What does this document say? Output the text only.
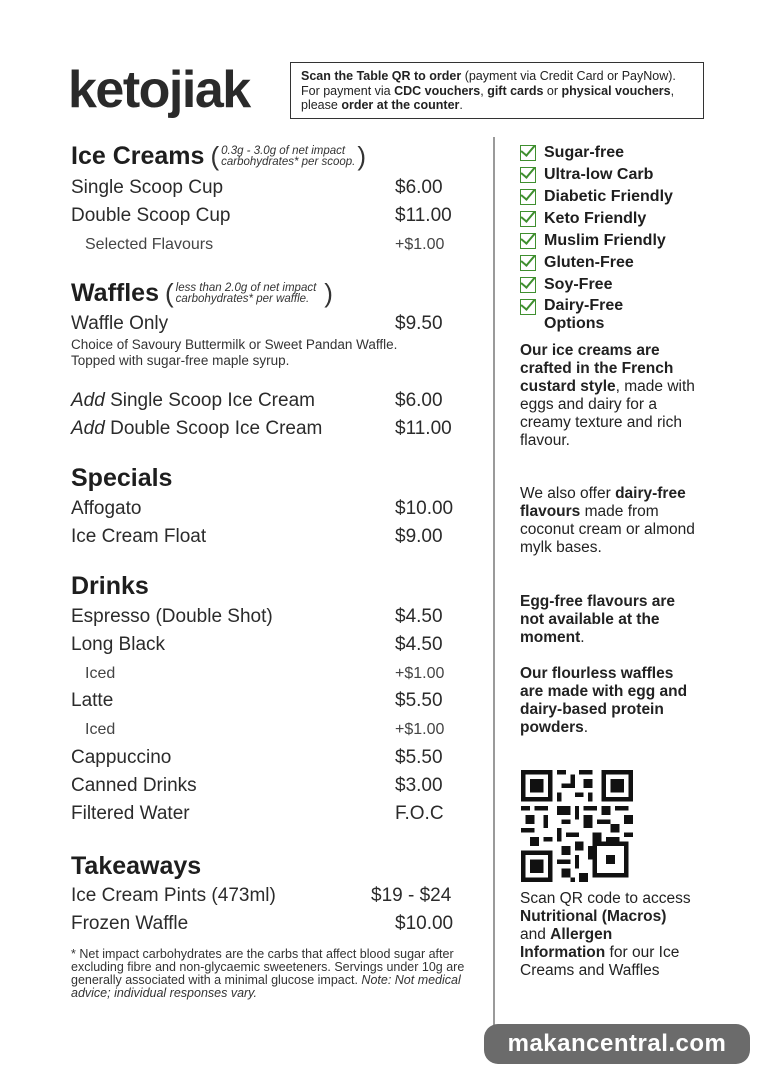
ketojiak	Scan the Table QR to order (payment via Credit Card or PayNow). For payment via CDC vouchers, gift cards or physical vouchers, please order at the counter.
Ice Creams ( 0.3g - 3.0g of net impact
carbohydrates* per scoop. )
Single Scoop Cup	$6.00
Double Scoop Cup	$11.00
Selected Flavours	+$1.00
Waffles ( less than 2.0g of net impact
carbohydrates* per waffle. )
Waffle Only	$9.50
Choice of Savoury Buttermilk or Sweet Pandan Waffle. Topped with sugar-free maple syrup.
Add Single Scoop Ice Cream	$6.00
Add Double Scoop Ice Cream	$11.00
Specials
Affogato	$10.00
Ice Cream Float	$9.00
Drinks
Espresso (Double Shot)	$4.50
Long Black	$4.50
Iced	+$1.00
Latte	$5.50
Iced	+$1.00
Cappuccino	$5.50
Canned Drinks	$3.00
Filtered Water	F.O.C
Takeaways
Ice Cream Pints (473ml)	$19 - $24
Frozen Waffle	$10.00
* Net impact carbohydrates are the carbs that affect blood sugar after excluding fibre and non-glycaemic sweeteners. Servings under 10g are generally associated with a minimal glucose impact. Note: Not medical advice; individual responses vary.
Sugar-free
Ultra-low Carb
Diabetic Friendly
Keto Friendly
Muslim Friendly
Gluten-Free
Soy-Free
Dairy-Free Options
Our ice creams are crafted in the French custard style, made with eggs and dairy for a creamy texture and rich flavour.
We also offer dairy-free flavours made from coconut cream or almond mylk bases.
Egg-free flavours are not available at the moment.
Our flourless waffles are made with egg and dairy-based protein powders.
Scan QR code to access Nutritional (Macros) and Allergen Information for our Ice Creams and Waffles
makancentral.com
